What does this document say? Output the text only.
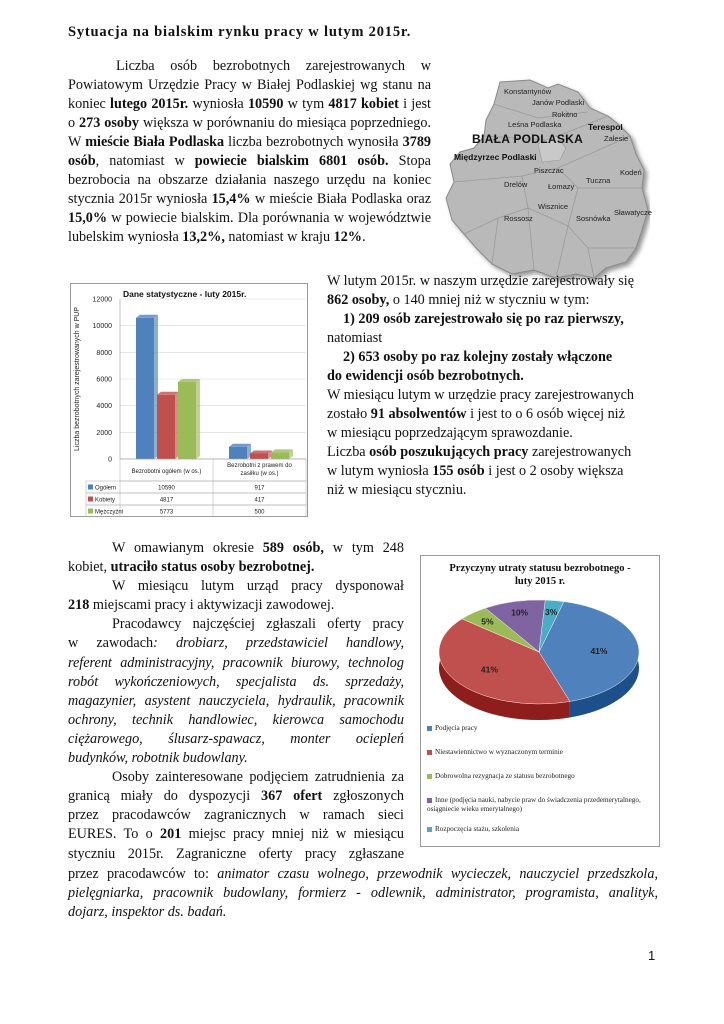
Sytuacja na bialskim rynku pracy w lutym 2015r.

Liczba osób bezrobotnych zarejestrowanych w Powiatowym Urzędzie Pracy w Białej Podlaskiej wg stanu na koniec lutego 2015r. wyniosła 10590 w tym 4817 kobiet i jest o 273 osoby większa w porównaniu do miesiąca poprzedniego. W mieście Biała Podlaska liczba bezrobotnych wynosiła 3789 osób, natomiast w powiecie bialskim 6801 osób. Stopa bezrobocia na obszarze działania naszego urzędu na koniec stycznia 2015r wyniosła 15,4% w mieście Biała Podlaska oraz 15,0% w powiecie bialskim. Dla porównania w województwie lubelskim wyniosła 13,2%, natomiast w kraju 12%.

Konstantynów
Janów Podlaski
Rokitno
Leśna Podlaska	Terespol
Zalesie
BIAŁA PODLASKA
Międzyrzec Podlaski
Drelów
Piszczac
Łomazy
Tuczna
Kodeń
Rossosz
Wisznice
Sosnówka
Sławatycze
W lutym 2015r. w naszym urzędzie zarejestrowały się
862 osoby, o 140 mniej niż w styczniu w tym:
1) 209 osób zarejestrowało się po raz pierwszy,
natomiast
2) 653 osoby po raz kolejny zostały włączone
do ewidencji osób bezrobotnych.
W miesiącu lutym w urzędzie pracy zarejestrowanych
zostało 91 absolwentów i jest to o 6 osób więcej niż
w miesiącu poprzedzającym sprawozdanie.
Liczba osób poszukujących pracy zarejestrowanych
w lutym wyniosła 155 osób i jest o 2 osoby większa
niż w miesiącu styczniu.
Dane statystyczne - luty 2015r.
Liczba bezrobotnych zarejestrowanych w PUP
0
2000
4000
6000
8000
10000
12000
Bezrobotni ogółem (w os.)
Bezrobotni z prawem do zasiłku (w os.)
Ogółem	10590	917
Kobiety	4817	417
Mężczyźni	5773	500
W omawianym okresie 589 osób, w tym 248
kobiet, utraciło status osoby bezrobotnej.
W miesiącu lutym urząd pracy dysponował
218 miejscami pracy i aktywizacji zawodowej.
Pracodawcy najczęściej zgłaszali oferty pracy
w zawodach: drobiarz, przedstawiciel handlowy,
referent administracyjny, pracownik biurowy, technolog
robót wykończeniowych, specjalista ds. sprzedaży,
magazynier, asystent nauczyciela, hydraulik, pracownik
ochrony, technik handlowiec, kierowca samochodu
ciężarowego, ślusarz-spawacz, monter ociepleń
budynków, robotnik budowlany.
Osoby zainteresowane podjęciem zatrudnienia za
granicą miały do dyspozycji 367 ofert zgłoszonych
przez pracodawców zagranicznych w ramach sieci
EURES. To o 201 miejsc pracy mniej niż w miesiącu
styczniu 2015r. Zagraniczne oferty pracy zgłaszane
przez pracodawców to: animator czasu wolnego, przewodnik wycieczek, nauczyciel przedszkola,
pielęgniarka, pracownik budowlany, formierz - odlewnik, administrator, programista, analityk,
dojarz, inspektor ds. badań.
Przyczyny utraty statusu bezrobotnego -
luty 2015 r.
41%
41%
5%
10% 3%
Podjęcia pracy
Niestawiennictwo w wyznaczonym terminie
Dobrowolna rezygnacja ze statusu bezrobotnego
Inne (podjęcia nauki, nabycie praw do świadczenia przedemerytalnego, osiągniecie wieku emerytalnego)
Rozpoczęcia stażu, szkolenia
1
